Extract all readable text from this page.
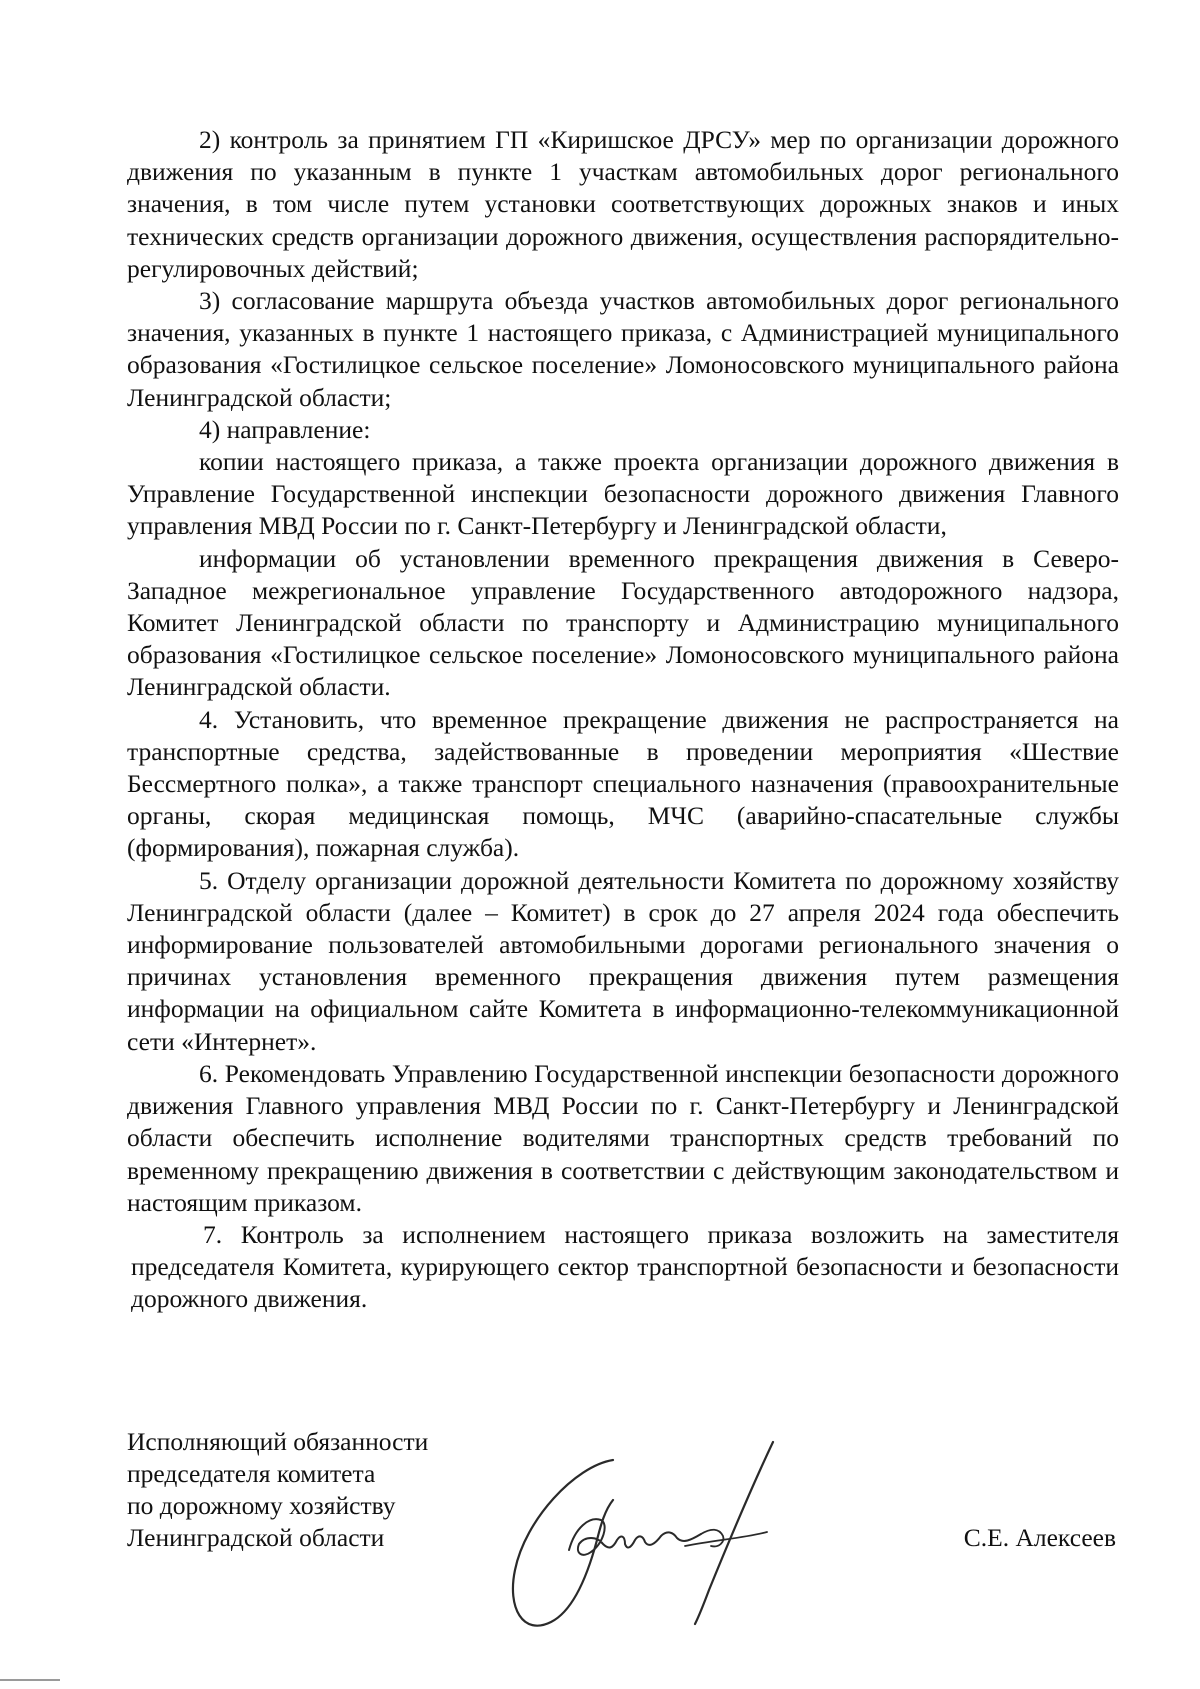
2) контроль за принятием ГП «Киришское ДРСУ» мер по организации дорожного движения по указанным в пункте 1 участкам автомобильных дорог регионального значения, в том числе путем установки соответствующих дорожных знаков и иных технических средств организации дорожного движения, осуществления распорядительно-регулировочных действий;

3) согласование маршрута объезда участков автомобильных дорог регионального значения, указанных в пункте 1 настоящего приказа, с Администрацией муниципального образования «Гостилицкое сельское поселение» Ломоносовского муниципального района Ленинградской области;

4) направление:

копии настоящего приказа, а также проекта организации дорожного движения в Управление Государственной инспекции безопасности дорожного движения Главного управления МВД России по г. Санкт-Петербургу и Ленинградской области,

информации об установлении временного прекращения движения в Северо-Западное межрегиональное управление Государственного автодорожного надзора, Комитет Ленинградской области по транспорту и Администрацию муниципального образования «Гостилицкое сельское поселение» Ломоносовского муниципального района Ленинградской области.

4. Установить, что временное прекращение движения не распространяется на транспортные средства, задействованные в проведении мероприятия «Шествие Бессмертного полка», а также транспорт специального назначения (правоохранительные органы, скорая медицинская помощь, МЧС (аварийно-спасательные службы (формирования), пожарная служба).

5. Отделу организации дорожной деятельности Комитета по дорожному хозяйству Ленинградской области (далее – Комитет) в срок до 27 апреля 2024 года обеспечить информирование пользователей автомобильными дорогами регионального значения о причинах установления временного прекращения движения путем размещения информации на официальном сайте Комитета в информационно-телекоммуникационной сети «Интернет».

6. Рекомендовать Управлению Государственной инспекции безопасности дорожного движения Главного управления МВД России по г. Санкт-Петербургу и Ленинградской области обеспечить исполнение водителями транспортных средств требований по временному прекращению движения в соответствии с действующим законодательством и настоящим приказом.

7. Контроль за исполнением настоящего приказа возложить на заместителя председателя Комитета, курирующего сектор транспортной безопасности и безопасности дорожного движения.

Исполняющий обязанности
председателя комитета
по дорожному хозяйству
Ленинградской области	С.Е. Алексеев
